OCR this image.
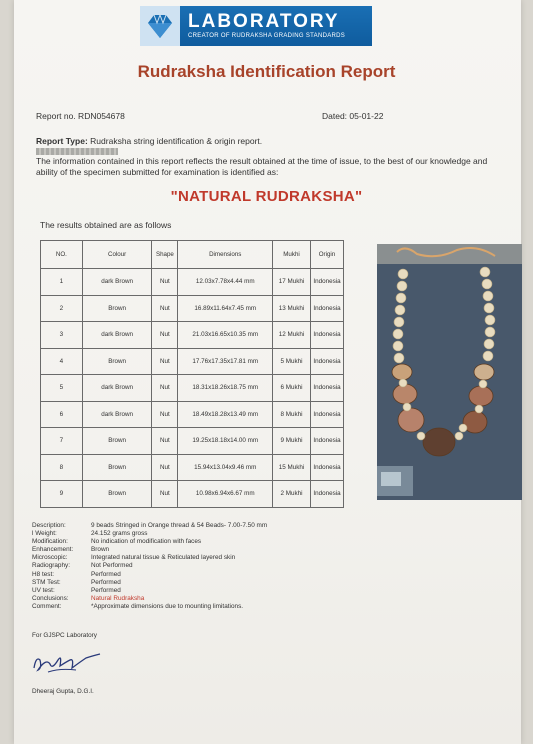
LABORATORY
CREATOR OF RUDRAKSHA GRADING STANDARDS
Rudraksha Identification Report
Report no. RDN054678	Dated: 05-01-22
Report Type: Rudraksha string identification & origin report.
The information contained in this report reflects the result obtained at the time of issue, to the best of our knowledge and ability of the specimen submitted for examination is identified as:
"NATURAL RUDRAKSHA"
The results obtained are as follows
NO.	Colour	Shape	Dimensions	Mukhi	Origin
1	dark Brown	Nut	12.03x7.78x4.44 mm	17 Mukhi	Indonesia
2	Brown	Nut	16.89x11.64x7.45 mm	13 Mukhi	Indonesia
3	dark Brown	Nut	21.03x16.65x10.35 mm	12 Mukhi	Indonesia
4	Brown	Nut	17.76x17.35x17.81 mm	5 Mukhi	Indonesia
5	dark Brown	Nut	18.31x18.26x18.75 mm	6 Mukhi	Indonesia
6	dark Brown	Nut	18.49x18.28x13.49 mm	8 Mukhi	Indonesia
7	Brown	Nut	19.25x18.18x14.00 mm	9 Mukhi	Indonesia
8	Brown	Nut	15.94x13.04x9.46 mm	15 Mukhi	Indonesia
9	Brown	Nut	10.98x6.94x6.67 mm	2 Mukhi	Indonesia
Description:	9 beads Stringed in Orange thread & 54 Beads- 7.00-7.50 mm
l Weight:	24.152 grams gross
Modification:	No indication of modification with faces
Enhancement:	Brown
Microscopic:	Integrated natural tissue & Reticulated layered skin
Radiography:	Not Performed
H8 test:	Performed
STM Test:	Performed
UV test:	Performed
Conclusions:	Natural Rudraksha
Comment:	*Approximate dimensions due to mounting limitations.
For GJSPC Laboratory
Dheeraj Gupta, D.G.I.
